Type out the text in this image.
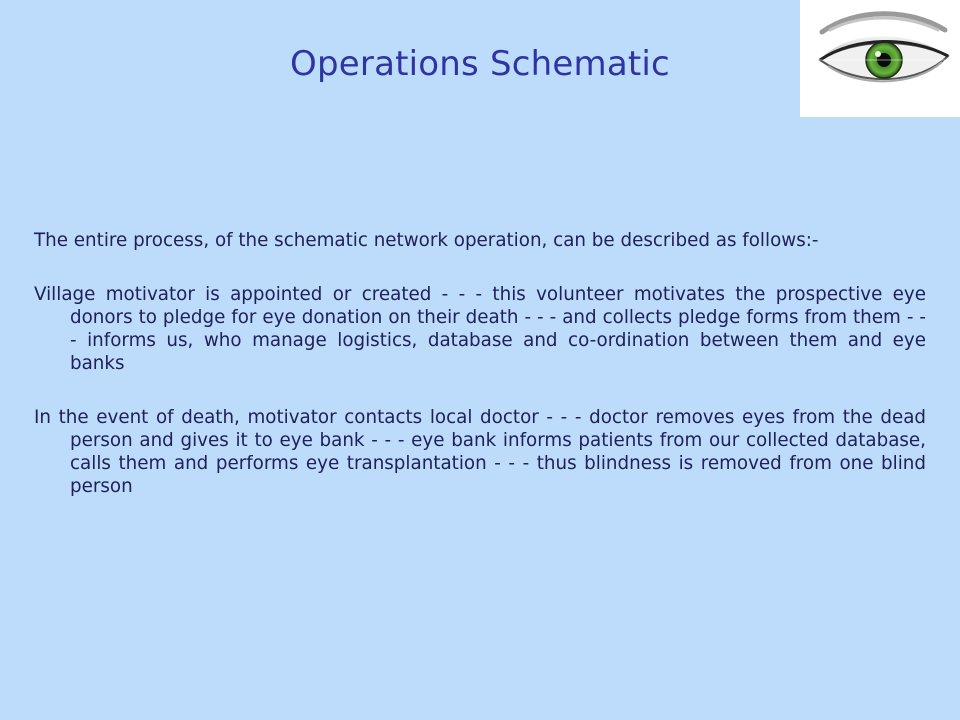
Operations Schematic

The entire process, of the schematic network operation, can be described as follows:-

Village motivator is appointed or created - - - this volunteer motivates the prospective eye donors to pledge for eye donation on their death - - - and collects pledge forms from them - - - informs us, who manage logistics, database and co-ordination between them and eye banks

In the event of death, motivator contacts local doctor - - - doctor removes eyes from the dead person and gives it to eye bank - - - eye bank informs patients from our collected database, calls them and performs eye transplantation - - - thus blindness is removed from one blind person
